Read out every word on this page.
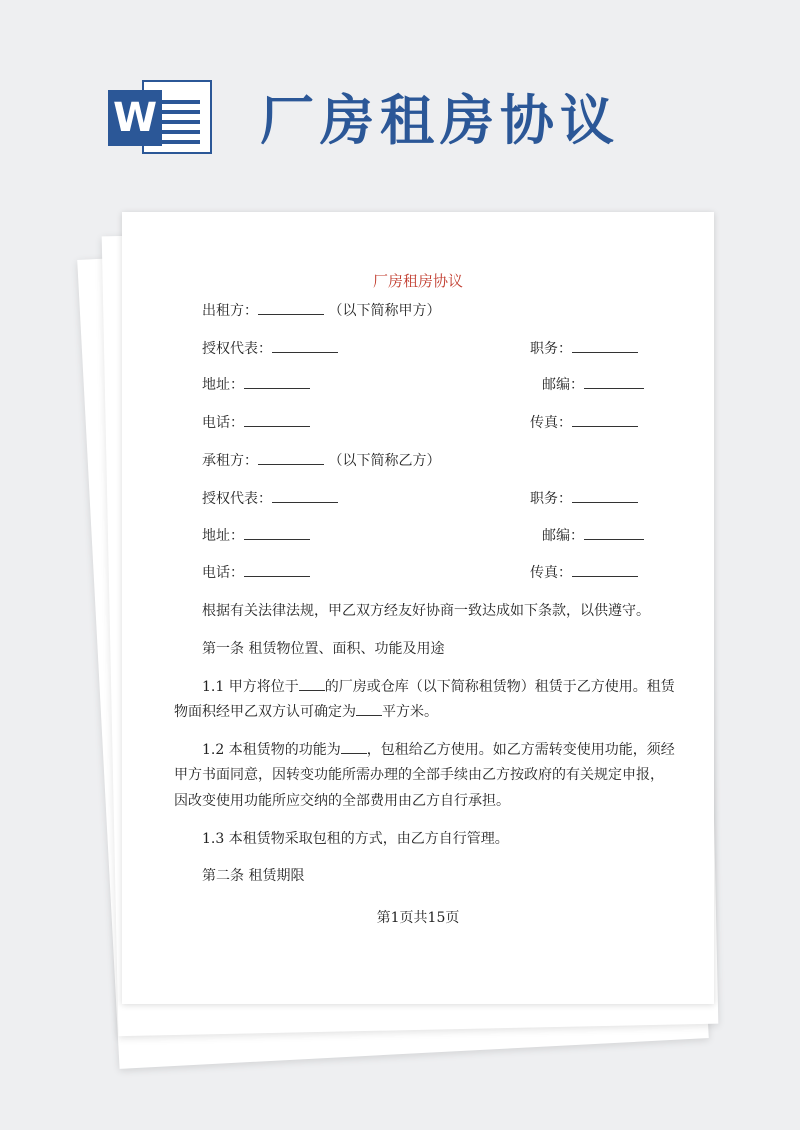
W 厂房租房协议
厂房租房协议
出租方：	（以下简称甲方）
授权代表：	职务：
地址：	邮编：
电话：	传真：
承租方：	（以下简称乙方）
授权代表：	职务：
地址：	邮编：
电话：	传真：
根据有关法律法规，甲乙双方经友好协商一致达成如下条款，以供遵守。
第一条 租赁物位置、面积、功能及用途
1.1 甲方将位于 的厂房或仓库（以下简称租赁物）租赁于乙方使用。租赁
物面积经甲乙双方认可确定为 平方米。
1.2 本租赁物的功能为 ，包租给乙方使用。如乙方需转变使用功能，须经
甲方书面同意，因转变功能所需办理的全部手续由乙方按政府的有关规定申报，
因改变使用功能所应交纳的全部费用由乙方自行承担。
1.3 本租赁物采取包租的方式，由乙方自行管理。
第二条 租赁期限
第1页共15页
